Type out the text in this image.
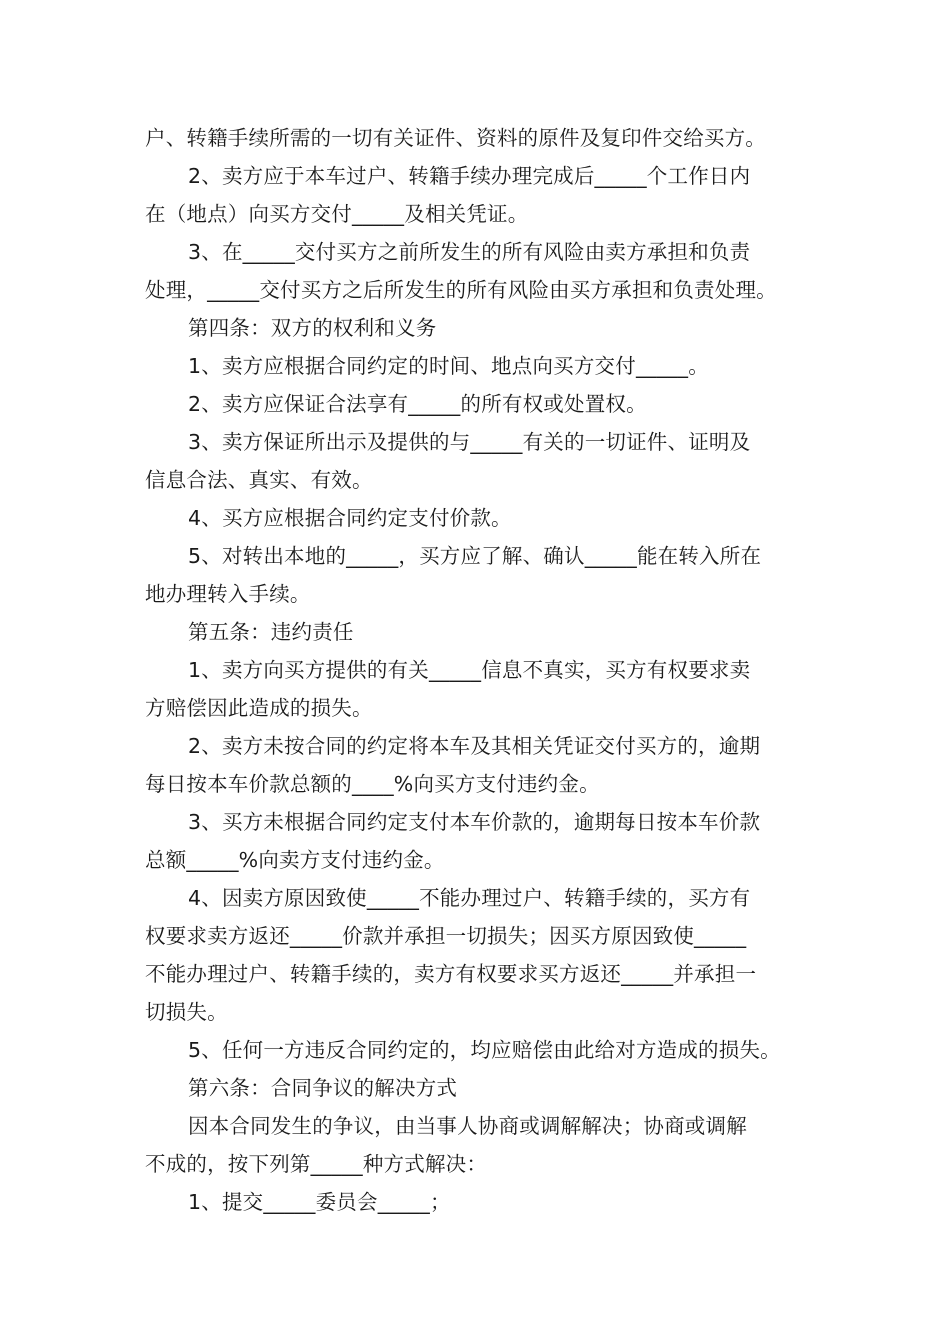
户、转籍手续所需的一切有关证件、资料的原件及复印件交给买方。
2、卖方应于本车过户、转籍手续办理完成后_____个工作日内
在（地点）向买方交付_____及相关凭证。
3、在_____交付买方之前所发生的所有风险由卖方承担和负责
处理，_____交付买方之后所发生的所有风险由买方承担和负责处理。
第四条：双方的权利和义务
1、卖方应根据合同约定的时间、地点向买方交付_____。
2、卖方应保证合法享有_____的所有权或处置权。
3、卖方保证所出示及提供的与_____有关的一切证件、证明及
信息合法、真实、有效。
4、买方应根据合同约定支付价款。
5、对转出本地的_____，买方应了解、确认_____能在转入所在
地办理转入手续。
第五条：违约责任
1、卖方向买方提供的有关_____信息不真实，买方有权要求卖
方赔偿因此造成的损失。
2、卖方未按合同的约定将本车及其相关凭证交付买方的，逾期
每日按本车价款总额的____%向买方支付违约金。
3、买方未根据合同约定支付本车价款的，逾期每日按本车价款
总额_____%向卖方支付违约金。
4、因卖方原因致使_____不能办理过户、转籍手续的，买方有
权要求卖方返还_____价款并承担一切损失；因买方原因致使_____
不能办理过户、转籍手续的，卖方有权要求买方返还_____并承担一
切损失。
5、任何一方违反合同约定的，均应赔偿由此给对方造成的损失。
第六条：合同争议的解决方式
因本合同发生的争议，由当事人协商或调解解决；协商或调解
不成的，按下列第_____种方式解决：
1、提交_____委员会_____；
